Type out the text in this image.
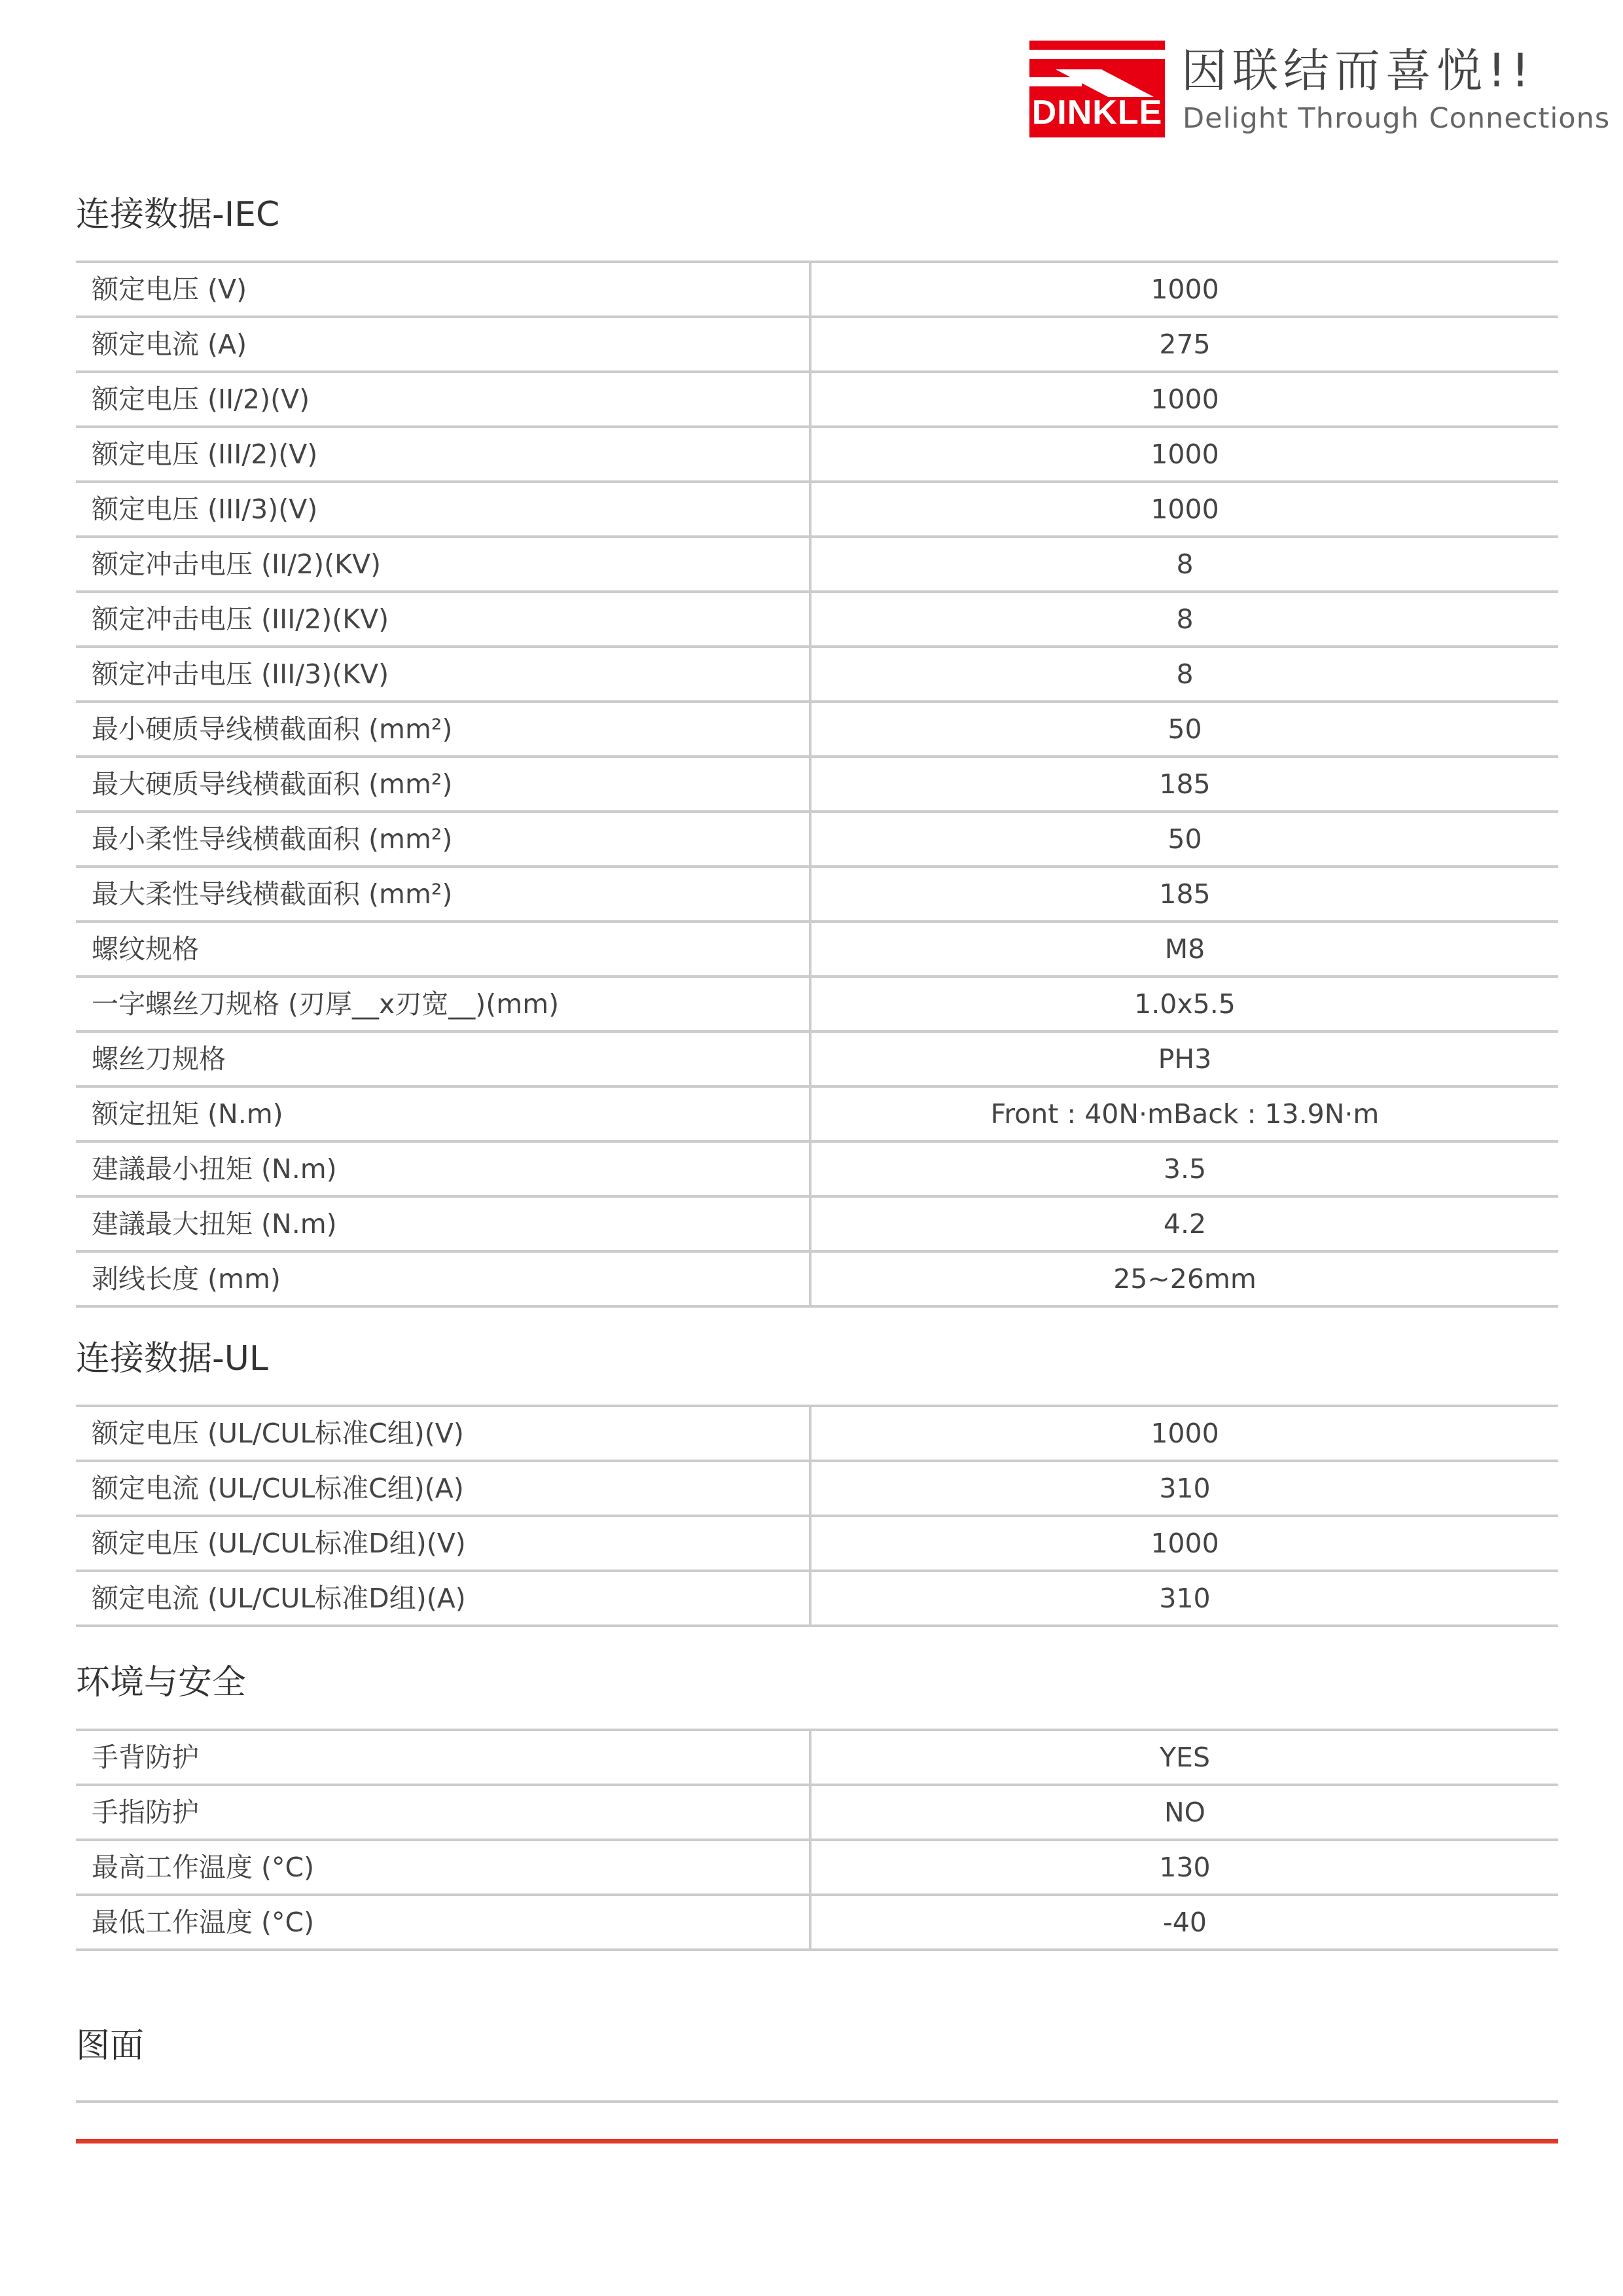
DINKLE
因联结而喜悦!!
Delight Through Connections
连接数据-IEC
额定电压 (V)	1000
额定电流 (A)	275
额定电压 (II/2)(V)	1000
额定电压 (III/2)(V)	1000
额定电压 (III/3)(V)	1000
额定冲击电压 (II/2)(KV)	8
额定冲击电压 (III/2)(KV)	8
额定冲击电压 (III/3)(KV)	8
最小硬质导线横截面积 (mm²)	50
最大硬质导线横截面积 (mm²)	185
最小柔性导线横截面积 (mm²)	50
最大柔性导线横截面积 (mm²)	185
螺纹规格	M8
一字螺丝刀规格 (刃厚__x刃宽__)(mm)	1.0x5.5
螺丝刀规格	PH3
额定扭矩 (N.m)	Front : 40N·mBack : 13.9N·m
建議最小扭矩 (N.m)	3.5
建議最大扭矩 (N.m)	4.2
剥线长度 (mm)	25~26mm
连接数据-UL
额定电压 (UL/CUL标准C组)(V)	1000
额定电流 (UL/CUL标准C组)(A)	310
额定电压 (UL/CUL标准D组)(V)	1000
额定电流 (UL/CUL标准D组)(A)	310
环境与安全
手背防护	YES
手指防护	NO
最高工作温度 (°C)	130
最低工作温度 (°C)	-40
图面
